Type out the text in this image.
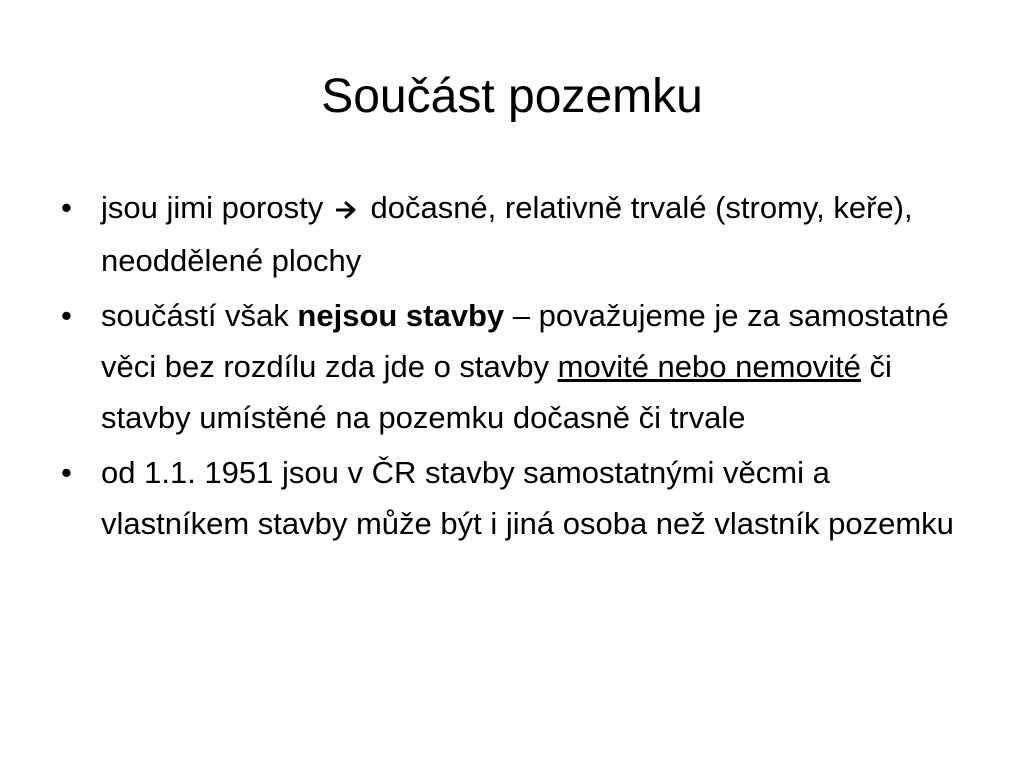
Součást pozemku
• jsou jimi porosty  dočasné, relativně trvalé (stromy, keře), neoddělené plochy
• součástí však nejsou stavby – považujeme je za samostatné věci bez rozdílu zda jde o stavby movité nebo nemovité či stavby umístěné na pozemku dočasně či trvale
• od 1.1. 1951 jsou v ČR stavby samostatnými věcmi a vlastníkem stavby může být i jiná osoba než vlastník pozemku
